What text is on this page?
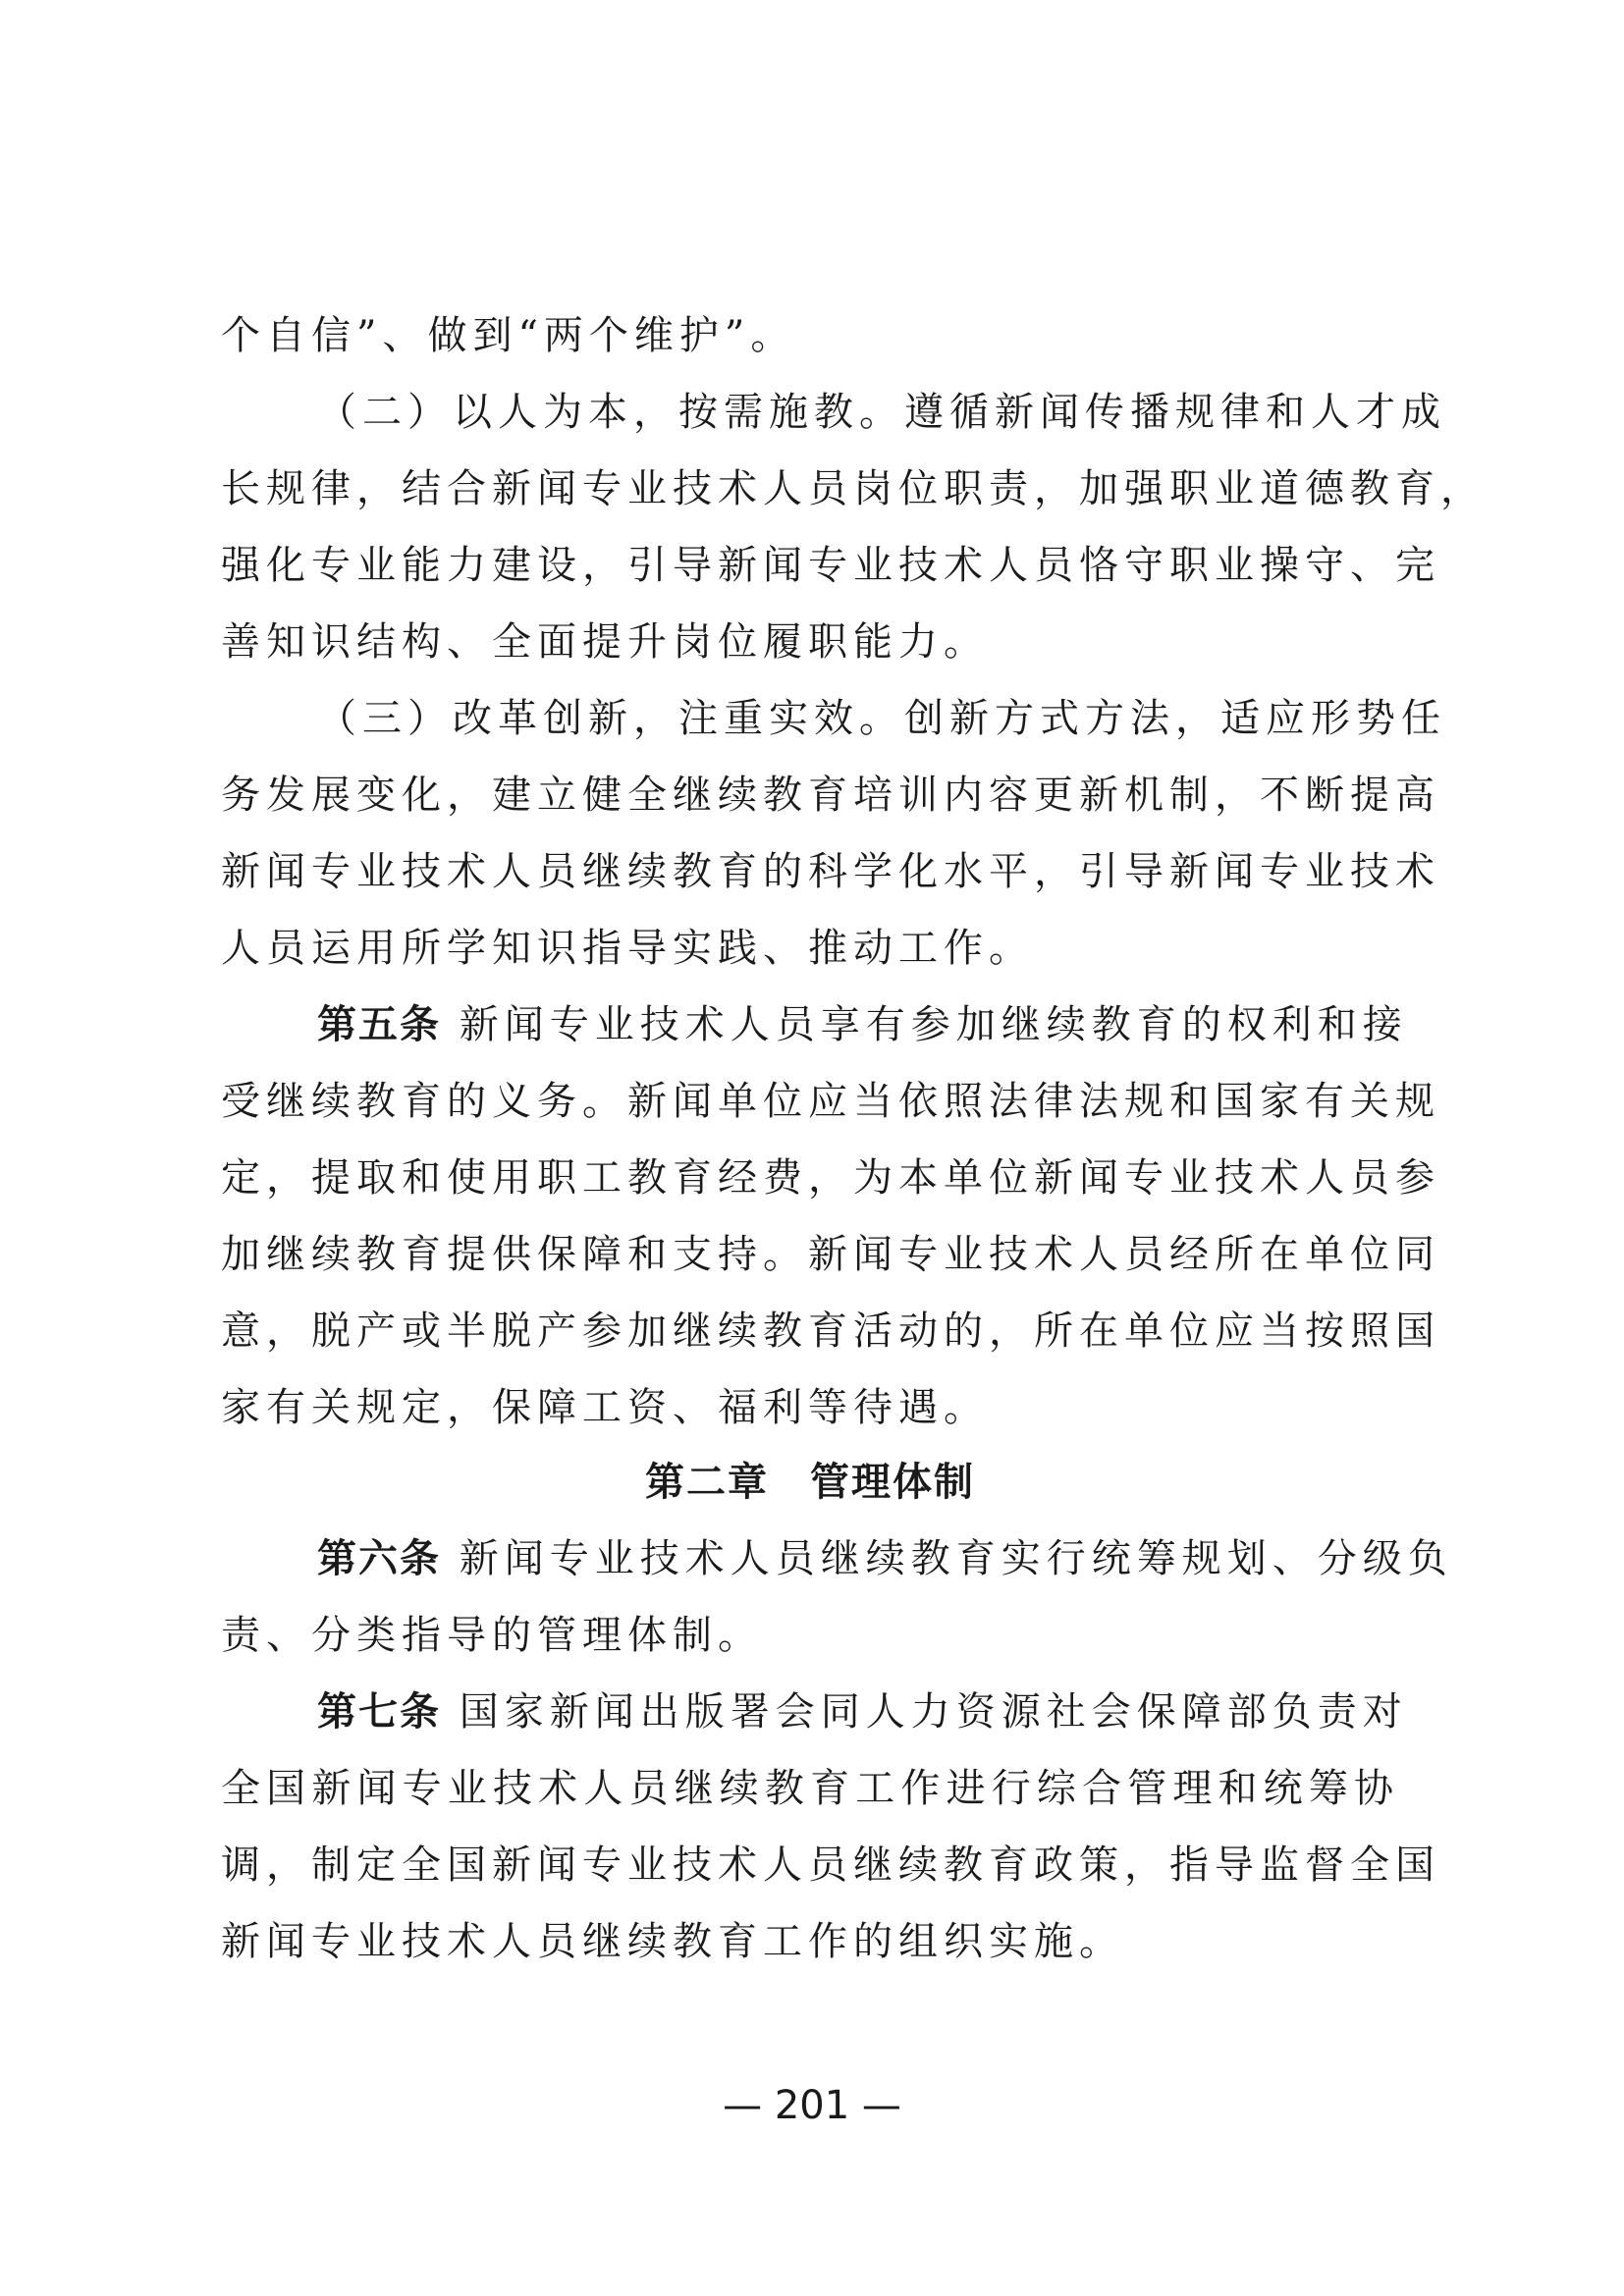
个自信”、做到“两个维护”。
（二）以人为本，按需施教。遵循新闻传播规律和人才成
长规律，结合新闻专业技术人员岗位职责，加强职业道德教育，
强化专业能力建设，引导新闻专业技术人员恪守职业操守、完
善知识结构、全面提升岗位履职能力。
（三）改革创新，注重实效。创新方式方法，适应形势任
务发展变化，建立健全继续教育培训内容更新机制，不断提高
新闻专业技术人员继续教育的科学化水平，引导新闻专业技术
人员运用所学知识指导实践、推动工作。
第五条 新闻专业技术人员享有参加继续教育的权利和接
受继续教育的义务。新闻单位应当依照法律法规和国家有关规
定，提取和使用职工教育经费，为本单位新闻专业技术人员参
加继续教育提供保障和支持。新闻专业技术人员经所在单位同
意，脱产或半脱产参加继续教育活动的，所在单位应当按照国
家有关规定，保障工资、福利等待遇。
第二章　管理体制
第六条 新闻专业技术人员继续教育实行统筹规划、分级负
责、分类指导的管理体制。
第七条 国家新闻出版署会同人力资源社会保障部负责对
全国新闻专业技术人员继续教育工作进行综合管理和统筹协
调，制定全国新闻专业技术人员继续教育政策，指导监督全国
新闻专业技术人员继续教育工作的组织实施。
— 201 —
